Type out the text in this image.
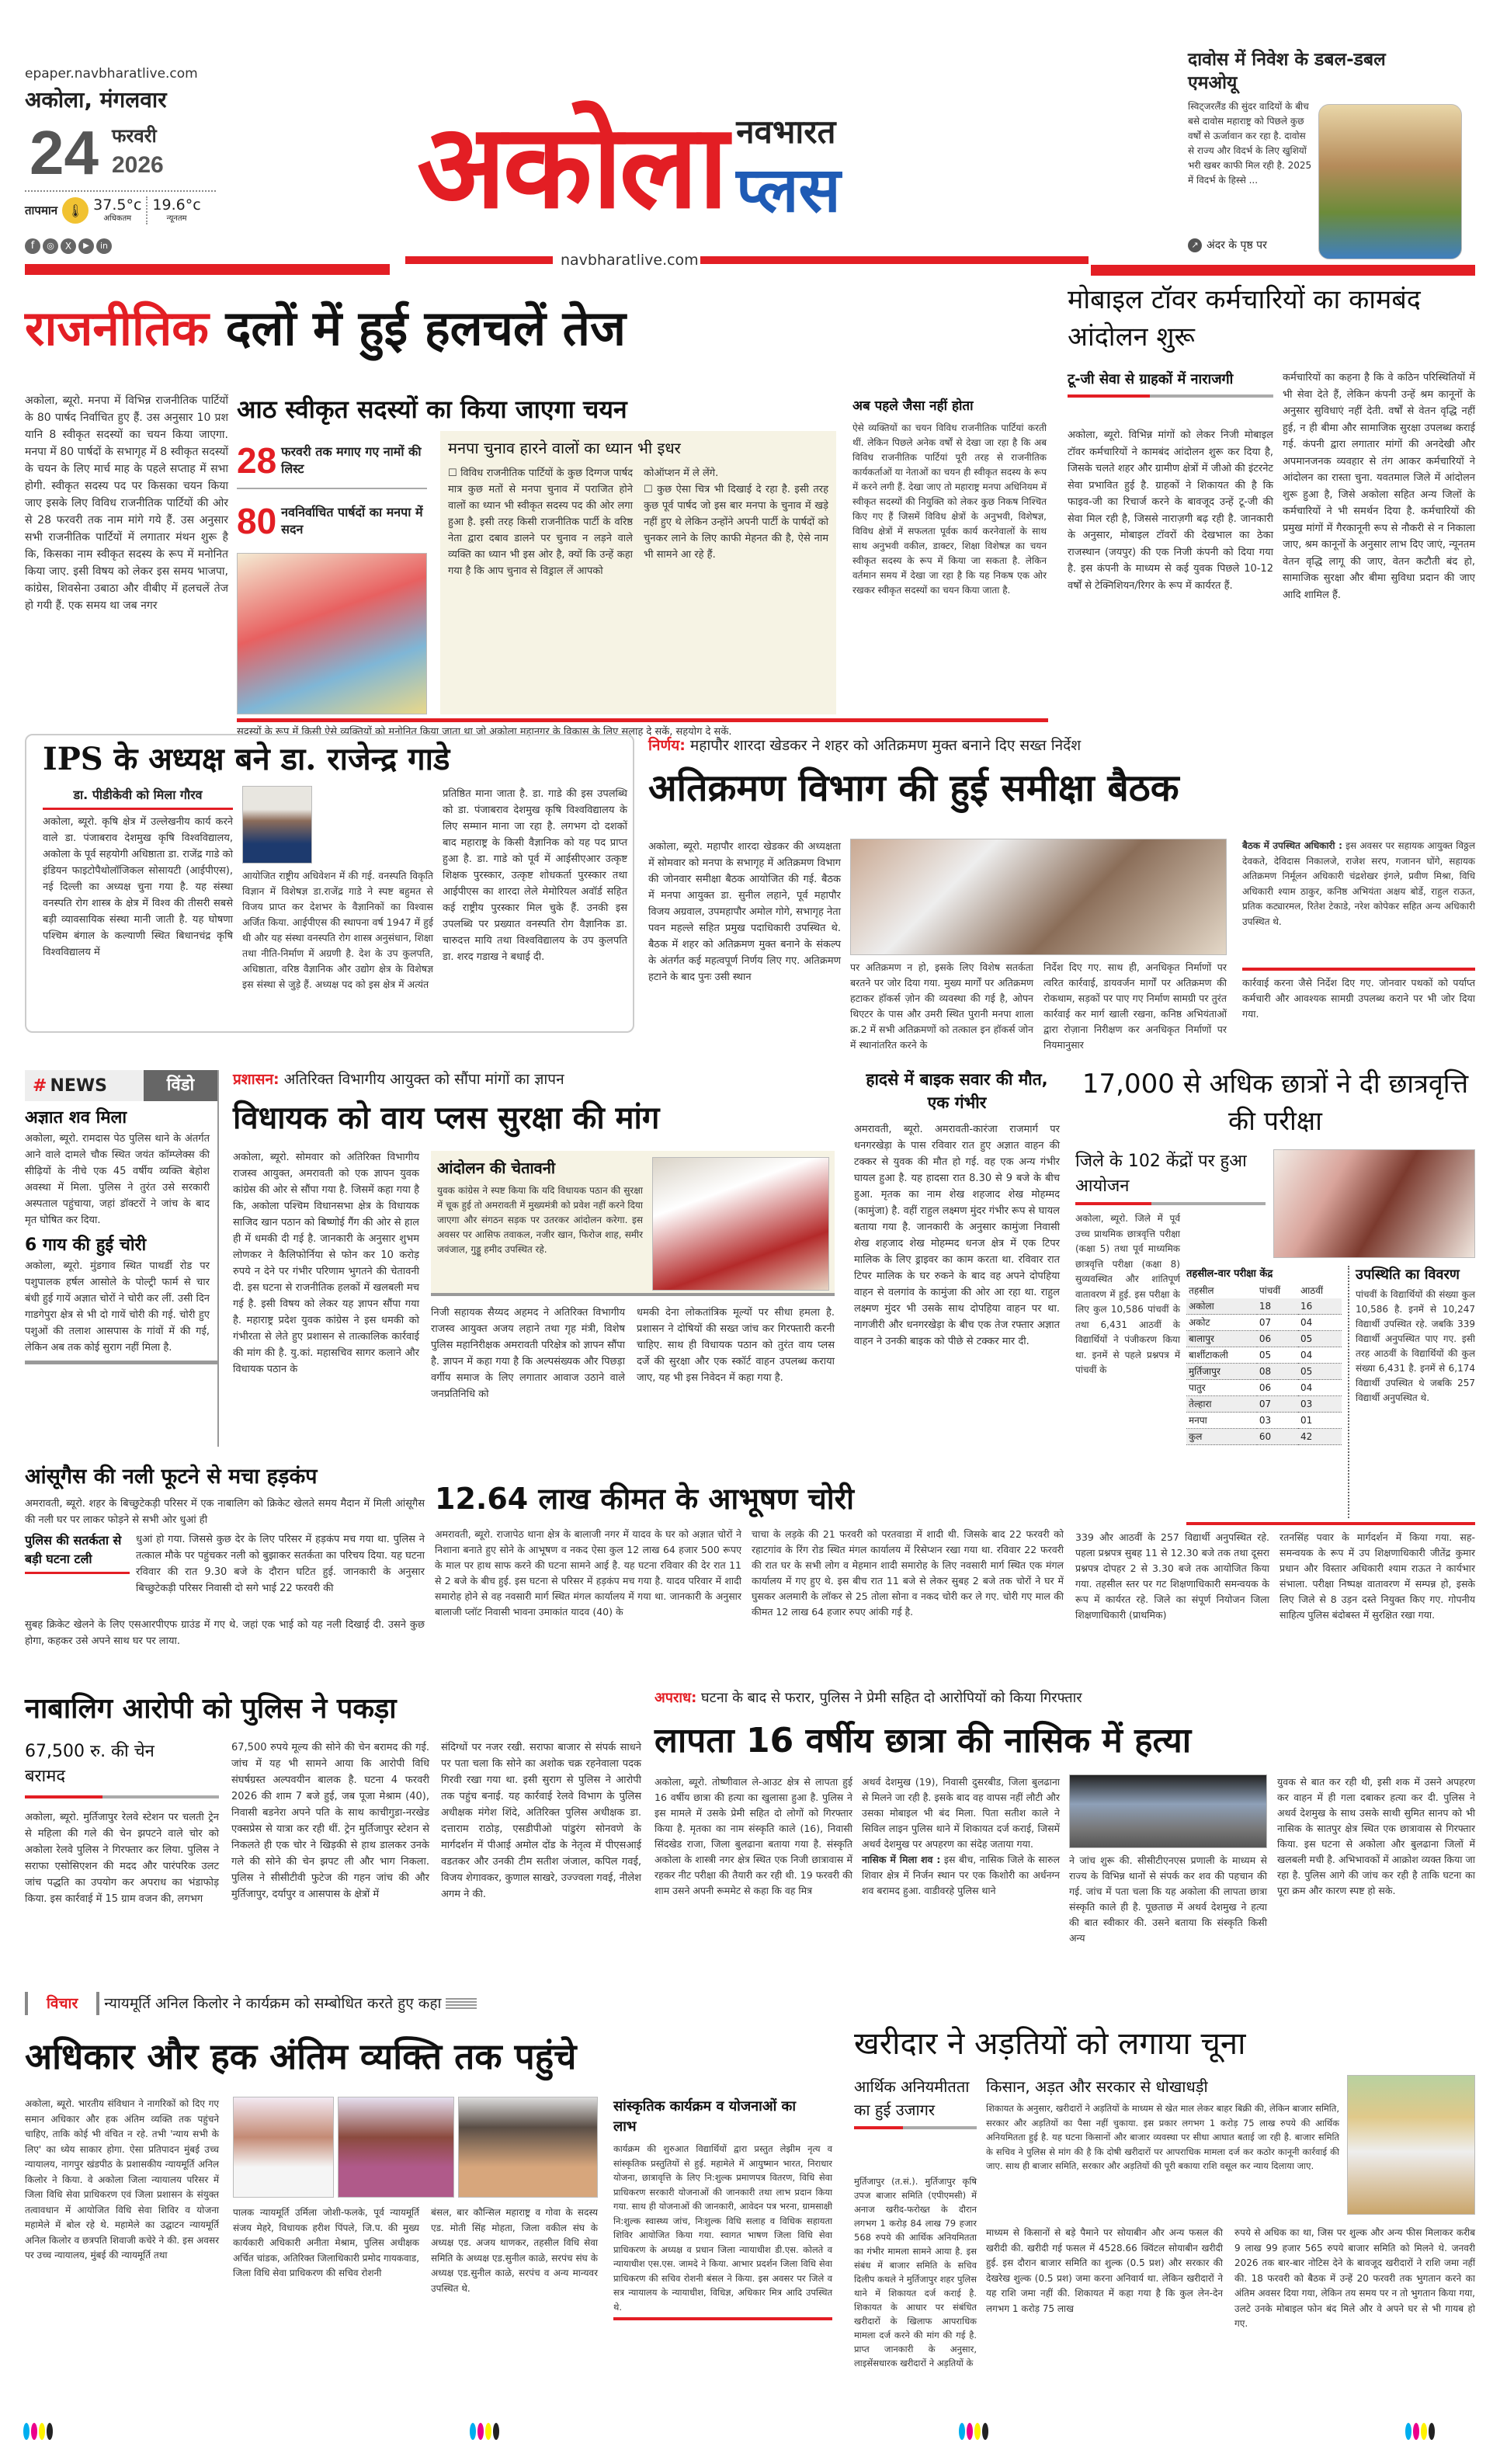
epaper.navbharatlive.com
अकोला, मंगलवार
24 फरवरी
2026
तापमान 🌡 37.5°c
अधिकतम
19.6°c
न्यूनतम
f	◎	X	▶	in
अकोला नवभारत
प्लस
navbharatlive.com
दावोस में निवेश के डबल-डबल एमओयू
स्विट्जरलैंड की सुंदर वादियों के बीच बसे दावोस महाराष्ट्र को पिछले कुछ वर्षों से ऊर्जावान कर रहा है. दावोस से राज्य और विदर्भ के लिए खुशियों भरी खबर काफी मिल रही है. 2025 में विदर्भ के हिस्से ...
↗ अंदर के पृष्ठ पर
राजनीतिक दलों में हुई हलचलें तेज
अकोला, ब्यूरो. मनपा में विभिन्न राजनीतिक पार्टियों के 80 पार्षद निर्वाचित हुए हैं. उस अनुसार 10 प्रश यानि 8 स्वीकृत सदस्यों का चयन किया जाएगा. मनपा में 80 पार्षदों के सभागृह में 8 स्वीकृत सदस्यों के चयन के लिए मार्च माह के पहले सप्ताह में सभा होगी. स्वीकृत सदस्य पद पर किसका चयन किया जाए इसके लिए विविध राजनीतिक पार्टियों की ओर से 28 फरवरी तक नाम मांगे गये हैं. उस अनुसार सभी राजनीतिक पार्टियों में लगातार मंथन शुरू है कि, किसका नाम स्वीकृत सदस्य के रूप में मनोनित किया जाए. इसी विषय को लेकर इस समय भाजपा, कांग्रेस, शिवसेना उबाठा और वीबीए में हलचलें तेज हो गयी हैं. एक समय था जब नगर
आठ स्वीकृत सदस्यों का किया जाएगा चयन
28 फरवरी तक मगाए गए नामों की लिस्ट
80 नवनिर्वाचित पार्षदों का मनपा में सदन
मनपा चुनाव हारने वालों का ध्यान भी इधर
☐ विविध राजनीतिक पार्टियों के कुछ दिग्गज पार्षद मात्र कुछ मतों से मनपा चुनाव में पराजित होने वालों का ध्यान भी स्वीकृत सदस्य पद की ओर लगा हुआ है. इसी तरह किसी राजनीतिक पार्टी के वरिष्ठ नेता द्वारा दबाव डालने पर चुनाव न लड़ने वाले व्यक्ति का ध्यान भी इस ओर है, क्यों कि उन्हें कहा गया है कि आप चुनाव से विड्राल लें आपको
कोऑप्शन में ले लेंगे.
☐ कुछ ऐसा चित्र भी दिखाई दे रहा है. इसी तरह कुछ पूर्व पार्षद जो इस बार मनपा के चुनाव में खड़े नहीं हुए थे लेकिन उन्होंने अपनी पार्टी के पार्षदों को चुनकर लाने के लिए काफी मेहनत की है, ऐसे नाम भी सामने आ रहे हैं.
अब पहले जैसा नहीं होता
ऐसे व्यक्तियों का चयन विविध राजनीतिक पार्टियां करती थीं. लेकिन पिछले अनेक वर्षों से देखा जा रहा है कि अब विविध राजनीतिक पार्टियां पूरी तरह से राजनीतिक कार्यकर्ताओं या नेताओं का चयन ही स्वीकृत सदस्य के रूप में करने लगी हैं. देखा जाए तो महाराष्ट्र मनपा अधिनियम में स्वीकृत सदस्यों की नियुक्ति को लेकर कुछ निकष निश्चित किए गए हैं जिसमें विविध क्षेत्रों के अनुभवी, विशेषज्ञ, विविध क्षेत्रों में सफलता पूर्वक कार्य करनेवालों के साथ साथ अनुभवी वकील, डाक्टर, शिक्षा विशेषज्ञ का चयन स्वीकृत सदस्य के रूप में किया जा सकता है. लेकिन वर्तमान समय में देखा जा रहा है कि यह निकष एक ओर रखकर स्वीकृत सदस्यों का चयन किया जाता है.
सदस्यों के रूप में किसी ऐसे व्यक्तियों को मनोनित किया जाता था जो अकोला महानगर के विकास के लिए सलाह दे सकें, सहयोग दे सकें.
मोबाइल टॉवर कर्मचारियों का कामबंद आंदोलन शुरू
टू-जी सेवा से ग्राहकों में नाराजगी
अकोला, ब्यूरो. विभिन्न मांगों को लेकर निजी मोबाइल टॉवर कर्मचारियों ने कामबंद आंदोलन शुरू कर दिया है, जिसके चलते शहर और ग्रामीण क्षेत्रों में जीओ की इंटरनेट सेवा प्रभावित हुई है. ग्राहकों ने शिकायत की है कि फाइव-जी का रिचार्ज करने के बावजूद उन्हें टू-जी की सेवा मिल रही है, जिससे नाराज़गी बढ़ रही है. जानकारी के अनुसार, मोबाइल टॉवरों की देखभाल का ठेका राजस्थान (जयपुर) की एक निजी कंपनी को दिया गया है. इस कंपनी के माध्यम से कई युवक पिछले 10-12 वर्षों से टेक्निशियन/रिगर के रूप में कार्यरत हैं.
कर्मचारियों का कहना है कि वे कठिन परिस्थितियों में भी सेवा देते हैं, लेकिन कंपनी उन्हें श्रम कानूनों के अनुसार सुविधाएं नहीं देती. वर्षों से वेतन वृद्धि नहीं हुई, न ही बीमा और सामाजिक सुरक्षा उपलब्ध कराई गई. कंपनी द्वारा लगातार मांगों की अनदेखी और अपमानजनक व्यवहार से तंग आकर कर्मचारियों ने आंदोलन का रास्ता चुना. यवतमाल जिले में आंदोलन शुरू हुआ है, जिसे अकोला सहित अन्य जिलों के कर्मचारियों ने भी समर्थन दिया है. कर्मचारियों की प्रमुख मांगों में गैरकानूनी रूप से नौकरी से न निकाला जाए, श्रम कानूनों के अनुसार लाभ दिए जाएं, न्यूनतम वेतन वृद्धि लागू की जाए, वेतन कटौती बंद हो, सामाजिक सुरक्षा और बीमा सुविधा प्रदान की जाए आदि शामिल हैं.
IPS के अध्यक्ष बने डा. राजेन्द्र गाडे
डा. पीडीकेवी को मिला गौरव
अकोला, ब्यूरो. कृषि क्षेत्र में उल्लेखनीय कार्य करने वाले डा. पंजाबराव देशमुख कृषि विश्वविद्यालय, अकोला के पूर्व सहयोगी अधिष्ठाता डा. राजेंद्र गाडे को इंडियन फाइटोपैथोलॉजिकल सोसायटी (आईपीएस), नई दिल्ली का अध्यक्ष चुना गया है. यह संस्था वनस्पति रोग शास्त्र के क्षेत्र में विश्व की तीसरी सबसे बड़ी व्यावसायिक संस्था मानी जाती है. यह घोषणा पश्चिम बंगाल के कल्याणी स्थित बिधानचंद्र कृषि विश्वविद्यालय में
आयोजित राष्ट्रीय अधिवेशन में की गई. वनस्पति विकृति विज्ञान में विशेषज्ञ डा.राजेंद्र गाडे ने स्पष्ट बहुमत से विजय प्राप्त कर देशभर के वैज्ञानिकों का विश्वास अर्जित किया. आईपीएस की स्थापना वर्ष 1947 में हुई थी और यह संस्था वनस्पति रोग शास्त्र अनुसंधान, शिक्षा तथा नीति-निर्माण में अग्रणी है. देश के उप कुलपति, अधिष्ठाता, वरिष्ठ वैज्ञानिक और उद्योग क्षेत्र के विशेषज्ञ इस संस्था से जुड़े हैं. अध्यक्ष पद को इस क्षेत्र में अत्यंत
प्रतिष्ठित माना जाता है. डा. गाडे की इस उपलब्धि को डा. पंजाबराव देशमुख कृषि विश्वविद्यालय के लिए सम्मान माना जा रहा है. लगभग दो दशकों बाद महाराष्ट्र के किसी वैज्ञानिक को यह पद प्राप्त हुआ है. डा. गाडे को पूर्व में आईसीएआर उत्कृष्ट शिक्षक पुरस्कार, उत्कृष्ट शोधकर्ता पुरस्कार तथा आईपीएस का शारदा लेले मेमोरियल अवॉर्ड सहित कई राष्ट्रीय पुरस्कार मिल चुके हैं. उनकी इस उपलब्धि पर प्रख्यात वनस्पति रोग वैज्ञानिक डा. चारुदत्त मायि तथा विश्वविद्यालय के उप कुलपति डा. शरद गडाख ने बधाई दी.
निर्णय: महापौर शारदा खेडकर ने शहर को अतिक्रमण मुक्त बनाने दिए सख्त निर्देश
अतिक्रमण विभाग की हुई समीक्षा बैठक
अकोला, ब्यूरो. महापौर शारदा खेडकर की अध्यक्षता में सोमवार को मनपा के सभागृह में अतिक्रमण विभाग की जोनवार समीक्षा बैठक आयोजित की गई. बैठक में मनपा आयुक्त डा. सुनील लहाने, पूर्व महापौर विजय अग्रवाल, उपमहापौर अमोल गोगे, सभागृह नेता पवन महल्ले सहित प्रमुख पदाधिकारी उपस्थित थे. बैठक में शहर को अतिक्रमण मुक्त बनाने के संकल्प के अंतर्गत कई महत्वपूर्ण निर्णय लिए गए. अतिक्रमण हटाने के बाद पुनः उसी स्थान
पर अतिक्रमण न हो, इसके लिए विशेष सतर्कता बरतने पर जोर दिया गया. मुख्य मार्गों पर अतिक्रमण हटाकर हॉकर्स ज़ोन की व्यवस्था की गई है, ओपन थिएटर के पास और उमरी स्थित पुरानी मनपा शाला क्र.2 में सभी अतिक्रमणों को तत्काल इन हॉकर्स जोन में स्थानांतरित करने के
निर्देश दिए गए. साथ ही, अनधिकृत निर्माणों पर त्वरित कार्रवाई, डायवर्जन मार्गों पर अतिक्रमण की रोकथाम, सड़कों पर पाए गए निर्माण सामग्री पर तुरंत कार्रवाई कर मार्ग खाली रखना, कनिष्ठ अभियंताओं द्वारा रोज़ाना निरीक्षण कर अनधिकृत निर्माणों पर नियमानुसार
बैठक में उपस्थित अधिकारी : इस अवसर पर सहायक आयुक्त विठ्ठल देवकते, देविदास निकालजे, राजेश सरप, गजानन घोंगे, सहायक अतिक्रमण निर्मूलन अधिकारी चंद्रशेखर इंगले, प्रवीण मिश्रा, विधि अधिकारी श्याम ठाकुर, कनिष्ठ अभियंता अक्षय बोर्डे, राहुल राऊत, प्रतिक कट्यारमल, रितेश टेकाडे, नरेश कोपेकर सहित अन्य अधिकारी उपस्थित थे.
कार्रवाई करना जैसे निर्देश दिए गए. जोनवार पथकों को पर्याप्त कर्मचारी और आवश्यक सामग्री उपलब्ध कराने पर भी जोर दिया गया.
# NEWS	विंडो
अज्ञात शव मिला
अकोला, ब्यूरो. रामदास पेठ पुलिस थाने के अंतर्गत आने वाले दामले चौक स्थित जयंत कॉम्प्लेक्स की सीढ़ियों के नीचे एक 45 वर्षीय व्यक्ति बेहोश अवस्था में मिला. पुलिस ने तुरंत उसे सरकारी अस्पताल पहुंचाया, जहां डॉक्टरों ने जांच के बाद मृत घोषित कर दिया.
6 गाय की हुई चोरी
अकोला, ब्यूरो. मुंडगाव स्थित पाथर्डी रोड पर पशुपालक हर्षल आसोले के पोल्ट्री फार्म से चार बंधी हुई गायें अज्ञात चोरों ने चोरी कर लीं. उसी दिन गाडगेपुरा क्षेत्र से भी दो गायें चोरी की गई. चोरी हुए पशुओं की तलाश आसपास के गांवों में की गई, लेकिन अब तक कोई सुराग नहीं मिला है.
प्रशासन: अतिरिक्त विभागीय आयुक्त को सौंपा मांगों का ज्ञापन
विधायक को वाय प्लस सुरक्षा की मांग
अकोला, ब्यूरो. सोमवार को अतिरिक्त विभागीय राजस्व आयुक्त, अमरावती को एक ज्ञापन युवक कांग्रेस की ओर से सौंपा गया है. जिसमें कहा गया है कि, अकोला पश्चिम विधानसभा क्षेत्र के विधायक साजिद खान पठान को बिष्णोई गैंग की ओर से हाल ही में धमकी दी गई है. जानकारी के अनुसार शुभम लोणकर ने कैलिफोर्निया से फोन कर 10 करोड़ रुपये न देने पर गंभीर परिणाम भुगतने की चेतावनी दी. इस घटना से राजनीतिक हलकों में खलबली मच गई है. इसी विषय को लेकर यह ज्ञापन सौंपा गया है. महाराष्ट्र प्रदेश युवक कांग्रेस ने इस धमकी को गंभीरता से लेते हुए प्रशासन से तात्कालिक कार्रवाई की मांग की है. यु.कां. महासचिव सागर कलाने और विधायक पठान के
आंदोलन की चेतावनी
युवक कांग्रेस ने स्पष्ट किया कि यदि विधायक पठान की सुरक्षा में चूक हुई तो अमरावती में मुख्यमंत्री को प्रवेश नहीं करने दिया जाएगा और संगठन सड़क पर उतरकर आंदोलन करेगा. इस अवसर पर आसिफ तवाकल, नजीर खान, फिरोज शाह, समीर जवंजाल, गुड्डू हमीद उपस्थित रहे.
निजी सहायक सैय्यद अहमद ने अतिरिक्त विभागीय राजस्व आयुक्त अजय लहाने तथा गृह मंत्री, विशेष पुलिस महानिरीक्षक अमरावती परिक्षेत्र को ज्ञापन सौंपा है. ज्ञापन में कहा गया है कि अल्पसंख्यक और पिछड़ा वर्गीय समाज के लिए लगातार आवाज उठाने वाले जनप्रतिनिधि को
धमकी देना लोकतांत्रिक मूल्यों पर सीधा हमला है. प्रशासन ने दोषियों की सख्त जांच कर गिरफ्तारी करनी चाहिए. साथ ही विधायक पठान को तुरंत वाय प्लस दर्जे की सुरक्षा और एक स्कॉर्ट वाहन उपलब्ध कराया जाए, यह भी इस निवेदन में कहा गया है.
हादसे में बाइक सवार की मौत, एक गंभीर
अमरावती, ब्यूरो. अमरावती-कारंजा राजमार्ग पर धनगरखेड़ा के पास रविवार रात हुए अज्ञात वाहन की टक्कर से युवक की मौत हो गई. वह एक अन्य गंभीर घायल हुआ है. यह हादसा रात 8.30 से 9 बजे के बीच हुआ. मृतक का नाम शेख शहजाद शेख मोहम्मद (कामुंजा) है. वहीं राहुल लक्ष्मण मुंदर गंभीर रूप से घायल बताया गया है. जानकारी के अनुसार कामुंजा निवासी शेख शहजाद शेख मोहम्मद धनज क्षेत्र में एक टिपर मालिक के लिए ड्राइवर का काम करता था. रविवार रात टिपर मालिक के घर रुकने के बाद वह अपने दोपहिया वाहन से वलगांव के कामुंजा की ओर आ रहा था. राहुल लक्ष्मण मुंदर भी उसके साथ दोपहिया वाहन पर था. नागजीरी और धनगरखेड़ा के बीच एक तेज रफ्तार अज्ञात वाहन ने उनकी बाइक को पीछे से टक्कर मार दी.
17,000 से अधिक छात्रों ने दी छात्रवृत्ति की परीक्षा
जिले के 102 केंद्रों पर हुआ आयोजन
अकोला, ब्यूरो. जिले में पूर्व उच्च प्राथमिक छात्रवृत्ति परीक्षा (कक्षा 5) तथा पूर्व माध्यमिक छात्रवृत्ति परीक्षा (कक्षा 8) सुव्यवस्थित और शांतिपूर्ण वातावरण में हुई. इस परीक्षा के लिए कुल 10,586 पांचवीं के तथा 6,431 आठवीं के विद्यार्थियों ने पंजीकरण किया था. इनमें से पहले प्रश्नपत्र में पांचवीं के
तहसील-वार परीक्षा केंद्र
तहसील	पांचवीं	आठवीं
अकोला	18	16
अकोट	07	04
बालापुर	06	05
बार्शीटाकली	05	04
मुर्तिजापुर	08	05
पातुर	06	04
तेल्हारा	07	03
मनपा	03	01
कुल	60	42
उपस्थिति का विवरण
पांचवीं के विद्यार्थियों की संख्या कुल 10,586 है. इनमें से 10,247 विद्यार्थी उपस्थित रहे. जबकि 339 विद्यार्थी अनुपस्थित पाए गए. इसी तरह आठवीं के विद्यार्थियों की कुल संख्या 6,431 है. इनमें से 6,174 विद्यार्थी उपस्थित थे जबकि 257 विद्यार्थी अनुपस्थित थे.
339 और आठवीं के 257 विद्यार्थी अनुपस्थित रहे. पहला प्रश्नपत्र सुबह 11 से 12.30 बजे तक तथा दूसरा प्रश्नपत्र दोपहर 2 से 3.30 बजे तक आयोजित किया गया. तहसील स्तर पर गट शिक्षणाधिकारी समन्वयक के रूप में कार्यरत रहे. जिले का संपूर्ण नियोजन जिला शिक्षणाधिकारी (प्राथमिक)
रतनसिंह पवार के मार्गदर्शन में किया गया. सह-समन्वयक के रूप में उप शिक्षणाधिकारी जीतेंद्र कुमार प्रधान और विस्तार अधिकारी श्याम राऊत ने कार्यभार संभाला. परीक्षा निष्पक्ष वातावरण में सम्पन्न हो, इसके लिए जिले से 8 उड़न दस्ते नियुक्त किए गए. गोपनीय साहित्य पुलिस बंदोबस्त में सुरक्षित रखा गया.
आंसूगैस की नली फूटने से मचा हड़कंप
अमरावती, ब्यूरो. शहर के बिच्छुटेकड़ी परिसर में एक नाबालिग को क्रिकेट खेलते समय मैदान में मिली आंसूगैस की नली घर पर लाकर फोड़ने से सभी ओर धुआं ही
पुलिस की सतर्कता से बड़ी घटना टली
धुआं हो गया. जिससे कुछ देर के लिए परिसर में हड़कंप मच गया था. पुलिस ने तत्काल मौके पर पहुंचकर नली को बुझाकर सतर्कता का परिचय दिया. यह घटना रविवार की रात 9.30 बजे के दौरान घटित हुई. जानकारी के अनुसार बिच्छुटेकड़ी परिसर निवासी दो सगे भाई 22 फरवरी की
सुबह क्रिकेट खेलने के लिए एसआरपीएफ ग्राउंड में गए थे. जहां एक भाई को यह नली दिखाई दी. उसने कुछ होगा, कहकर उसे अपने साथ घर पर लाया.
12.64 लाख कीमत के आभूषण चोरी
अमरावती, ब्यूरो. राजापेठ थाना क्षेत्र के बालाजी नगर में यादव के घर को अज्ञात चोरों ने निशाना बनाते हुए सोने के आभूषण व नकद ऐसा कुल 12 लाख 64 हजार 500 रूपए के माल पर हाथ साफ करने की घटना सामने आई है. यह घटना रविवार की देर रात 11 से 2 बजे के बीच हुई. इस घटना से परिसर में हड़कंप मच गया है. यादव परिवार में शादी समारोह होने से वह नवसारी मार्ग स्थित मंगल कार्यालय में गया था. जानकारी के अनुसार बालाजी प्लॉट निवासी भावना उमाकांत यादव (40) के
चाचा के लड़के की 21 फरवरी को परतवाडा में शादी थी. जिसके बाद 22 फरवरी को रहाटगांव के रिंग रोड स्थित मंगल कार्यालय में रिसेप्शन रखा गया था. रविवार 22 फरवरी की रात घर के सभी लोग व मेहमान शादी समारोह के लिए नवसारी मार्ग स्थित एक मंगल कार्यालय में गए हुए थे. इस बीच रात 11 बजे से लेकर सुबह 2 बजे तक चोरों ने घर में घुसकर अलमारी के लॉकर से 25 तोला सोना व नकद चोरी कर ले गए. चोरी गए माल की कीमत 12 लाख 64 हजार रुपए आंकी गई है.
नाबालिग आरोपी को पुलिस ने पकड़ा
67,500 रु. की चेन बरामद
अकोला, ब्यूरो. मुर्तिजापुर रेलवे स्टेशन पर चलती ट्रेन से महिला की गले की चेन झपटने वाले चोर को अकोला रेलवे पुलिस ने गिरफ्तार कर लिया. पुलिस ने सराफा एसोसिएशन की मदद और पारंपरिक उलट जांच पद्धति का उपयोग कर अपराध का भंडाफोड़ किया. इस कार्रवाई में 15 ग्राम वजन की, लगभग
67,500 रुपये मूल्य की सोने की चेन बरामद की गई. जांच में यह भी सामने आया कि आरोपी विधि संघर्षग्रस्त अल्पवयीन बालक है. घटना 4 फरवरी 2026 की शाम 7 बजे हुई, जब पूजा मेश्राम (40), निवासी बडनेरा अपने पति के साथ काचीगुडा-नरखेड एक्सप्रेस से यात्रा कर रही थीं. ट्रेन मुर्तिजापुर स्टेशन से निकलते ही एक चोर ने खिड़की से हाथ डालकर उनके गले की सोने की चेन झपट ली और भाग निकला. पुलिस ने सीसीटीवी फुटेज की गहन जांच की और मुर्तिजापुर, दर्यापुर व आसपास के क्षेत्रों में
संदिग्धों पर नजर रखी. सराफा बाजार से संपर्क साधने पर पता चला कि सोने का अशोक चक्र रहनेवाला पदक गिरवी रखा गया था. इसी सुराग से पुलिस ने आरोपी तक पहुंच बनाई. यह कार्रवाई रेलवे विभाग के पुलिस अधीक्षक मंगेश शिंदे, अतिरिक्त पुलिस अधीक्षक डा. दत्ताराम राठोड़, एसडीपीओ पांडुरंग सोनवणे के मार्गदर्शन में पीआई अमोल दोंड के नेतृत्व में पीएसआई वडतकर और उनकी टीम सतीश जंजाल, कपिल गवई, विजय शेगावकर, कुणाल साखरे, उज्ज्वला गवई, नीलेश अगम ने की.
अपराध: घटना के बाद से फरार, पुलिस ने प्रेमी सहित दो आरोपियों को किया गिरफ्तार
लापता 16 वर्षीय छात्रा की नासिक में हत्या
अकोला, ब्यूरो. तोष्णीवाल ले-आउट क्षेत्र से लापता हुई 16 वर्षीय छात्रा की हत्या का खुलासा हुआ है. पुलिस ने इस मामले में उसके प्रेमी सहित दो लोगों को गिरफ्तार किया है. मृतका का नाम संस्कृति काले (16), निवासी सिंदखेड राजा, जिला बुलढाना बताया गया है. संस्कृति अकोला के शास्त्री नगर क्षेत्र स्थित एक निजी छात्रावास में रहकर नीट परीक्षा की तैयारी कर रही थी. 19 फरवरी की शाम उसने अपनी रूममेट से कहा कि वह मित्र
अथर्व देशमुख (19), निवासी दुसरबीड, जिला बुलढाना से मिलने जा रही है. इसके बाद वह वापस नहीं लौटी और उसका मोबाइल भी बंद मिला. पिता सतीश काले ने सिविल लाइन पुलिस थाने में शिकायत दर्ज कराई, जिसमें अथर्व देशमुख पर अपहरण का संदेह जताया गया.
नासिक में मिला शव : इस बीच, नासिक जिले के सारुल शिवार क्षेत्र में निर्जन स्थान पर एक किशोरी का अर्धनग्न शव बरामद हुआ. वाडीवरहे पुलिस थाने
ने जांच शुरू की. सीसीटीएनएस प्रणाली के माध्यम से राज्य के विभिन्न थानों से संपर्क कर शव की पहचान की गई. जांच में पता चला कि यह अकोला की लापता छात्रा संस्कृति काले ही है. पूछताछ में अथर्व देशमुख ने हत्या की बात स्वीकार की. उसने बताया कि संस्कृति किसी अन्य
युवक से बात कर रही थी, इसी शक में उसने अपहरण कर वाहन में ही गला दबाकर हत्या कर दी. पुलिस ने अथर्व देशमुख के साथ उसके साथी सुमित सानप को भी नासिक के सातपुर क्षेत्र स्थित एक छात्रावास से गिरफ्तार किया. इस घटना से अकोला और बुलढाना जिलों में खलबली मची है. अभिभावकों में आक्रोश व्यक्त किया जा रहा है. पुलिस आगे की जांच कर रही है ताकि घटना का पूरा क्रम और कारण स्पष्ट हो सके.
विचार	न्यायमूर्ति अनिल किलोर ने कार्यक्रम को सम्बोधित करते हुए कहा
अधिकार और हक अंतिम व्यक्ति तक पहुंचे
अकोला, ब्यूरो. भारतीय संविधान ने नागरिकों को दिए गए समान अधिकार और हक अंतिम व्यक्ति तक पहुंचने चाहिए, ताकि कोई भी वंचित न रहे. तभी 'न्याय सभी के लिए' का ध्येय साकार होगा. ऐसा प्रतिपादन मुंबई उच्च न्यायालय, नागपुर खंडपीठ के प्रशासकीय न्यायमूर्ति अनिल किलोर ने किया. वे अकोला जिला न्यायालय परिसर में जिला विधि सेवा प्राधिकरण एवं जिला प्रशासन के संयुक्त तत्वावधान में आयोजित विधि सेवा शिविर व योजना महामेले में बोल रहे थे. महामेले का उद्घाटन न्यायमूर्ति अनिल किलोर व छत्रपति शिवाजी कचेरे ने की. इस अवसर पर उच्च न्यायालय, मुंबई की न्यायमूर्ति तथा
पालक न्यायमूर्ति उर्मिला जोशी-फलके, पूर्व न्यायमूर्ति संजय मेहरे, विधायक हरीश पिंपले, जि.प. की मुख्य कार्यकारी अधिकारी अनीता मेश्राम, पुलिस अधीक्षक अर्चित चांडक, अतिरिक्त जिलाधिकारी प्रमोद गायकवाड, जिला विधि सेवा प्राधिकरण की सचिव रोशनी
बंसल, बार कौन्सिल महाराष्ट्र व गोवा के सदस्य एड. मोती सिंह मोहता, जिला वकील संघ के अध्यक्ष एड. अजय थाणकर, तहसील विधि सेवा समिति के अध्यक्ष एड.सुनील काळे, सरपंच संघ के अध्यक्ष एड.सुनील काळे, सरपंच व अन्य मान्यवर उपस्थित थे.
सांस्कृतिक कार्यक्रम व योजनाओं का लाभ
कार्यक्रम की शुरुआत विद्यार्थियों द्वारा प्रस्तुत लेझीम नृत्य व सांस्कृतिक प्रस्तुतियों से हुई. महामेले में आयुष्मान भारत, निराधार योजना, छात्रावृत्ति के लिए नि:शुल्क प्रमाणपत्र वितरण, विधि सेवा प्राधिकरण सरकारी योजनाओं की जानकारी तथा लाभ प्रदान किया गया. साथ ही योजनाओं की जानकारी, आवेदन पत्र भरना, ग्रामसाक्षी नि:शुल्क स्वास्थ्य जांच, निःशुल्क विधि सलाह व विधिक सहायता शिविर आयोजित किया गया. स्वागत भाषण जिला विधि सेवा प्राधिकरण के अध्यक्ष व प्रधान जिला न्यायाधीश डी.एस. कोलते व न्यायाधीश एस.एस. जामदे ने किया. आभार प्रदर्शन जिला विधि सेवा प्राधिकरण की सचिव रोशनी बंसल ने किया. इस अवसर पर जिले व सत्र न्यायालय के न्यायाधीश, विधिज्ञ, अधिकार मित्र आदि उपस्थित थे.
खरीदार ने अड़तियों को लगाया चूना
आर्थिक अनियमीतता का हुई उजागर
किसान, अड़त और सरकार से धोखाधड़ी
शिकायत के अनुसार, खरीदारों ने अड़तियों के माध्यम से खेत माल लेकर बाहर बिक्री की, लेकिन बाजार समिति, सरकार और अड़तियों का पैसा नहीं चुकाया. इस प्रकार लगभग 1 करोड़ 75 लाख रुपये की आर्थिक अनियमितता हुई है. यह घटना किसानों और बाजार व्यवस्था पर सीधा आघात बताई जा रही है. बाजार समिति के सचिव ने पुलिस से मांग की है कि दोषी खरीदारों पर आपराधिक मामला दर्ज कर कठोर कानूनी कार्रवाई की जाए. साथ ही बाजार समिति, सरकार और अड़तियों की पूरी बकाया राशि वसूल कर न्याय दिलाया जाए.
मुर्तिजापुर (त.सं.). मुर्तिजापुर कृषि उपज बाजार समिति (एपीएमसी) में अनाज खरीद-फरोख्त के दौरान लगभग 1 करोड़ 84 लाख 79 हजार 568 रुपये की आर्थिक अनियमितता का गंभीर मामला सामने आया है. इस संबंध में बाजार समिति के सचिव दिलीप कथले ने मुर्तिजापुर शहर पुलिस थाने में शिकायत दर्ज कराई है. शिकायत के आधार पर संबंधित खरीदारों के खिलाफ आपराधिक मामला दर्ज करने की मांग की गई है. प्राप्त जानकारी के अनुसार, लाइसेंसधारक खरीदारों ने अड़तियों के
माध्यम से किसानों से बड़े पैमाने पर सोयाबीन और अन्य फसल की खरीदी की. खरीदी गई फसल में 4528.66 क्विंटल सोयाबीन खरीदी हुई. इस दौरान बाजार समिति का शुल्क (0.5 प्रश) और सरकार की देखरेख शुल्क (0.5 प्रश) जमा करना अनिवार्य था. लेकिन खरीदारों ने यह राशि जमा नहीं की. शिकायत में कहा गया है कि कुल लेन-देन लगभग 1 करोड़ 75 लाख
रुपये से अधिक का था, जिस पर शुल्क और अन्य फीस मिलाकर करीब 9 लाख 99 हजार 565 रुपये बाजार समिति को मिलने थे. जनवरी 2026 तक बार-बार नोटिस देने के बावजूद खरीदारों ने राशि जमा नहीं की. 18 फरवरी को बैठक में उन्हें 20 फरवरी तक भुगतान करने का अंतिम अवसर दिया गया, लेकिन तय समय पर न तो भुगतान किया गया, उलटे उनके मोबाइल फोन बंद मिले और वे अपने घर से भी गायब हो गए.
